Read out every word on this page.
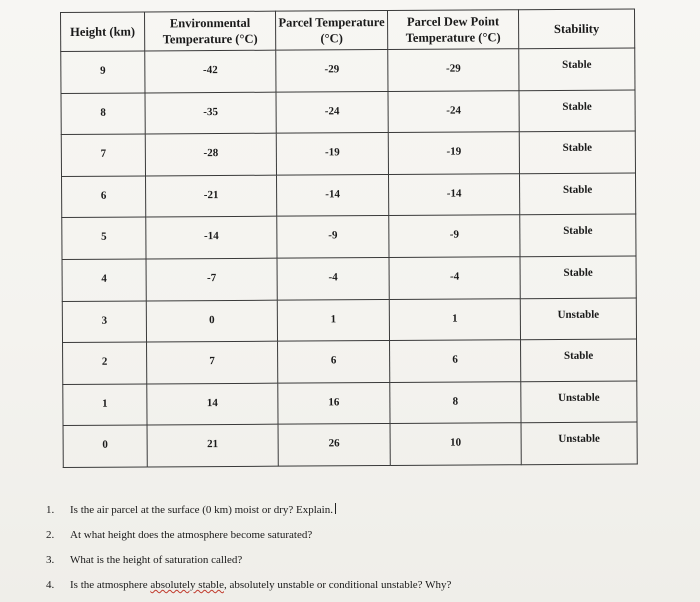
Height (km)	Environmental Temperature (°C)	Parcel Temperature (°C)	Parcel Dew Point Temperature (°C)	Stability
9	-42	-29	-29	Stable
8	-35	-24	-24	Stable
7	-28	-19	-19	Stable
6	-21	-14	-14	Stable
5	-14	-9	-9	Stable
4	-7	-4	-4	Stable
3	0	1	1	Unstable
2	7	6	6	Stable
1	14	16	8	Unstable
0	21	26	10	Unstable
1. Is the air parcel at the surface (0 km) moist or dry? Explain.
2. At what height does the atmosphere become saturated?
3. What is the height of saturation called?
4. Is the atmosphere absolutely stable, absolutely unstable or conditional unstable? Why?
